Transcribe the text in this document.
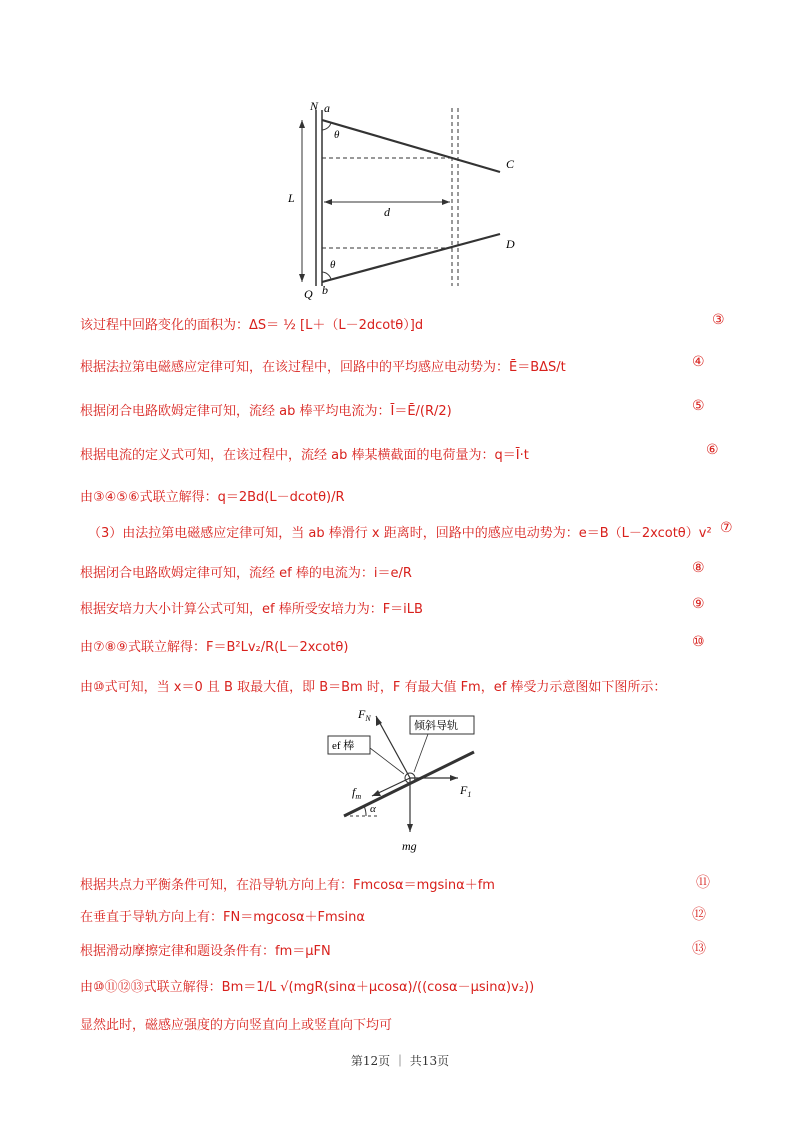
N a
θ
C
L
d
D
θ
Q b
该过程中回路变化的面积为：ΔS＝ ½ [L＋（L－2dcotθ）]d	③
根据法拉第电磁感应定律可知，在该过程中，回路中的平均感应电动势为：Ē＝BΔS/t	④
根据闭合电路欧姆定律可知，流经 ab 棒平均电流为：Ī＝Ē/(R/2)	⑤
根据电流的定义式可知，在该过程中，流经 ab 棒某横截面的电荷量为：q＝Ī·t	⑥
由③④⑤⑥式联立解得：q＝2Bd(L－dcotθ)/R
（3）由法拉第电磁感应定律可知，当 ab 棒滑行 x 距离时，回路中的感应电动势为：e＝B（L－2xcotθ）v² ⑦
根据闭合电路欧姆定律可知，流经 ef 棒的电流为：i＝e/R	⑧
根据安培力大小计算公式可知，ef 棒所受安培力为：F＝iLB	⑨
由⑦⑧⑨式联立解得：F＝B²Lv₂/R(L－2xcotθ)	⑩
由⑩式可知，当 x＝0 且 B 取最大值，即 B＝Bm 时，F 有最大值 Fm，ef 棒受力示意图如下图所示：
$F_N$
ef 棒
倾斜导轨
$f_m$	$F_1$
α
mg
根据共点力平衡条件可知，在沿导轨方向上有：Fmcosα＝mgsinα＋fm	⑪
在垂直于导轨方向上有：FN＝mgcosα＋Fmsinα	⑫
根据滑动摩擦定律和题设条件有：fm＝μFN	⑬
由⑩⑪⑫⑬式联立解得：Bm＝1/L √(mgR(sinα＋μcosα)/((cosα－μsinα)v₂))
显然此时，磁感应强度的方向竖直向上或竖直向下均可
第12页 ｜ 共13页
